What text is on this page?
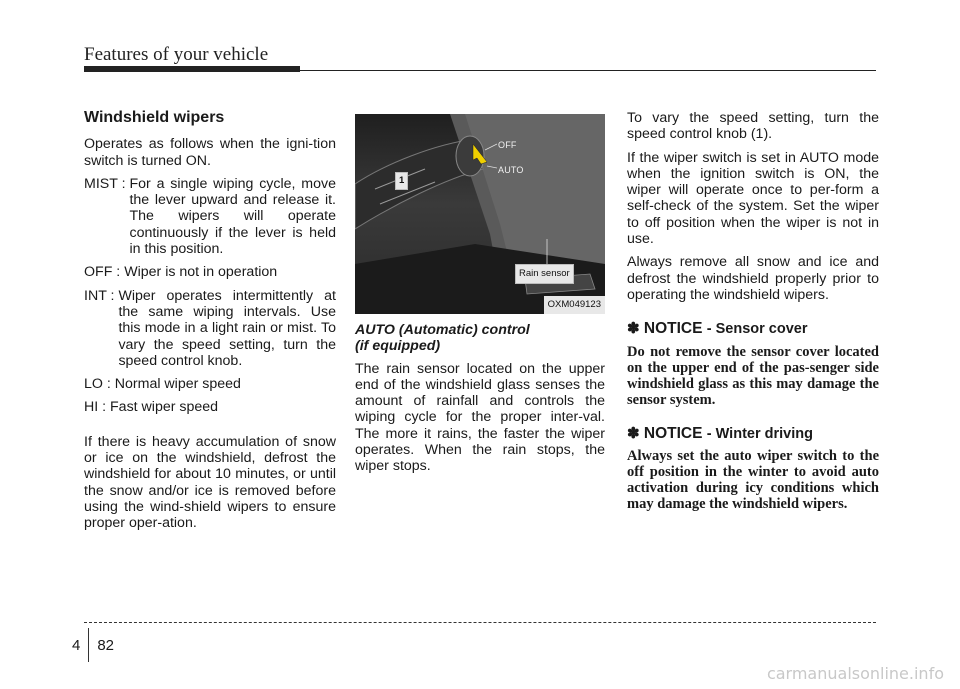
Features of your vehicle
Windshield wipers

Operates as follows when the igni-tion switch is turned ON.

MIST : For a single wiping cycle, move the lever upward and release it. The wipers will operate continuously if the lever is held in this position.
OFF : Wiper is not in operation
INT : Wiper operates intermittently at the same wiping intervals. Use this mode in a light rain or mist. To vary the speed setting, turn the speed control knob.
LO : Normal wiper speed
HI : Fast wiper speed

If there is heavy accumulation of snow or ice on the windshield, defrost the windshield for about 10 minutes, or until the snow and/or ice is removed before using the wind-shield wipers to ensure proper oper-ation.

OFF
AUTO
1
Rain sensor
OXM049123
AUTO (Automatic) control
(if equipped)

The rain sensor located on the upper end of the windshield glass senses the amount of rainfall and controls the wiping cycle for the proper inter-val. The more it rains, the faster the wiper operates. When the rain stops, the wiper stops.

To vary the speed setting, turn the speed control knob (1).

If the wiper switch is set in AUTO mode when the ignition switch is ON, the wiper will operate once to per-form a self-check of the system. Set the wiper to off position when the wiper is not in use.

Always remove all snow and ice and defrost the windshield properly prior to operating the windshield wipers.

✽ NOTICE - Sensor cover

Do not remove the sensor cover located on the upper end of the pas-senger side windshield glass as this may damage the sensor system.

✽ NOTICE - Winter driving

Always set the auto wiper switch to the off position in the winter to avoid auto activation during icy conditions which may damage the windshield wipers.

4 82
carmanualsonline.info
